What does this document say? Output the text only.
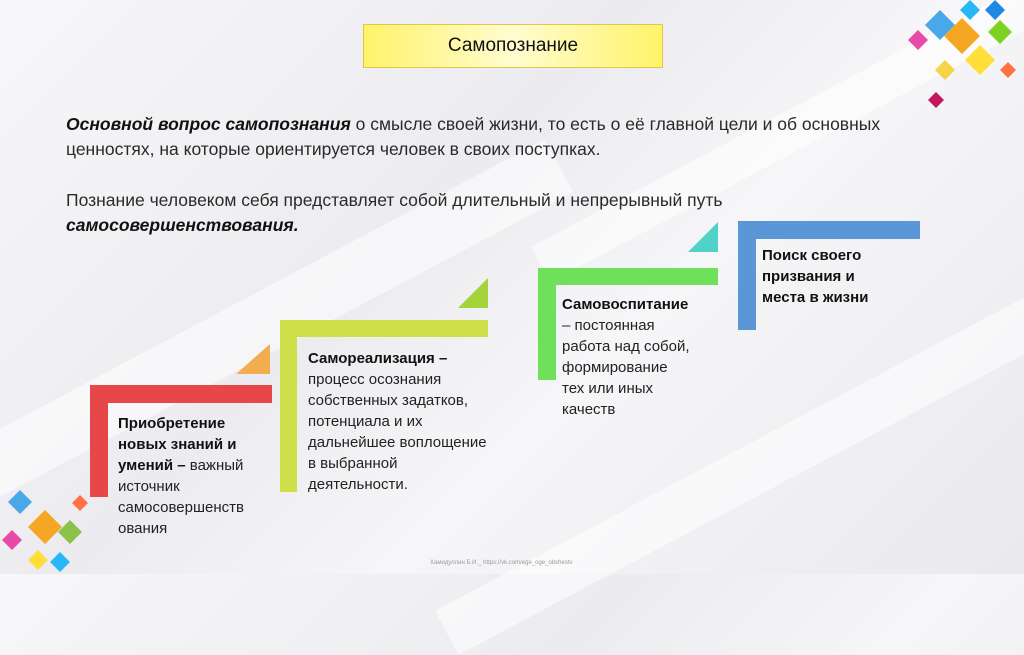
Самопознание
Основной вопрос самопознания о смысле своей жизни, то есть о её главной цели и об основных
ценностях, на которые ориентируется человек в своих поступках.
Познание человеком себя представляет собой длительный и непрерывный путь
самосовершенствования.
Приобретение
новых знаний и
умений – важный
источник
самосовершенств
ования
Самореализация –
процесс осознания
собственных задатков,
потенциала и их
дальнейшее воплощение
в выбранной
деятельности.
Самовоспитание
– постоянная
работа над собой,
формирование
тех или иных
качеств
Поиск своего
призвания и
места в жизни
Хамидуллин Б.И._ https://vk.com/ege_oge_obshestv
